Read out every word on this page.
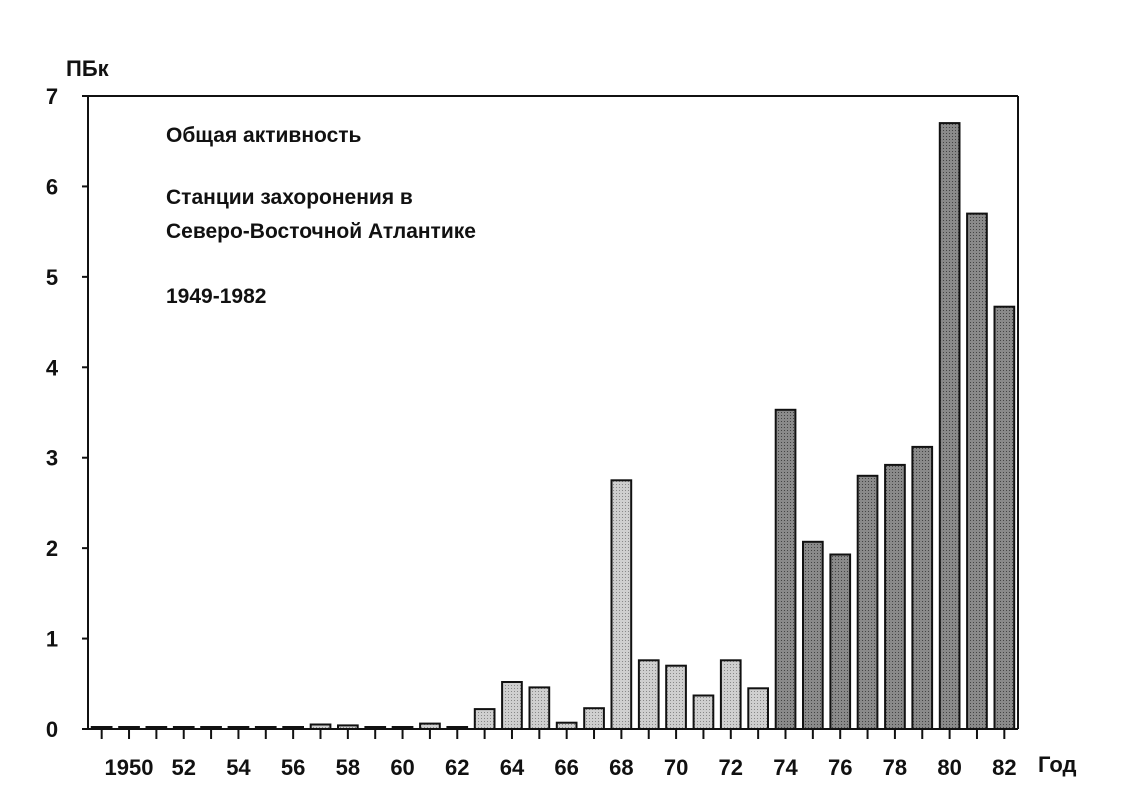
0
1
2
3
4
5
6
7
1950 52 54 56 58 60 62 64 66 68 70 72 74 76 78 80 82
ПБк
Год
Общая активность
Станции захоронения в
Северо-Восточной Атлантике
1949-1982
